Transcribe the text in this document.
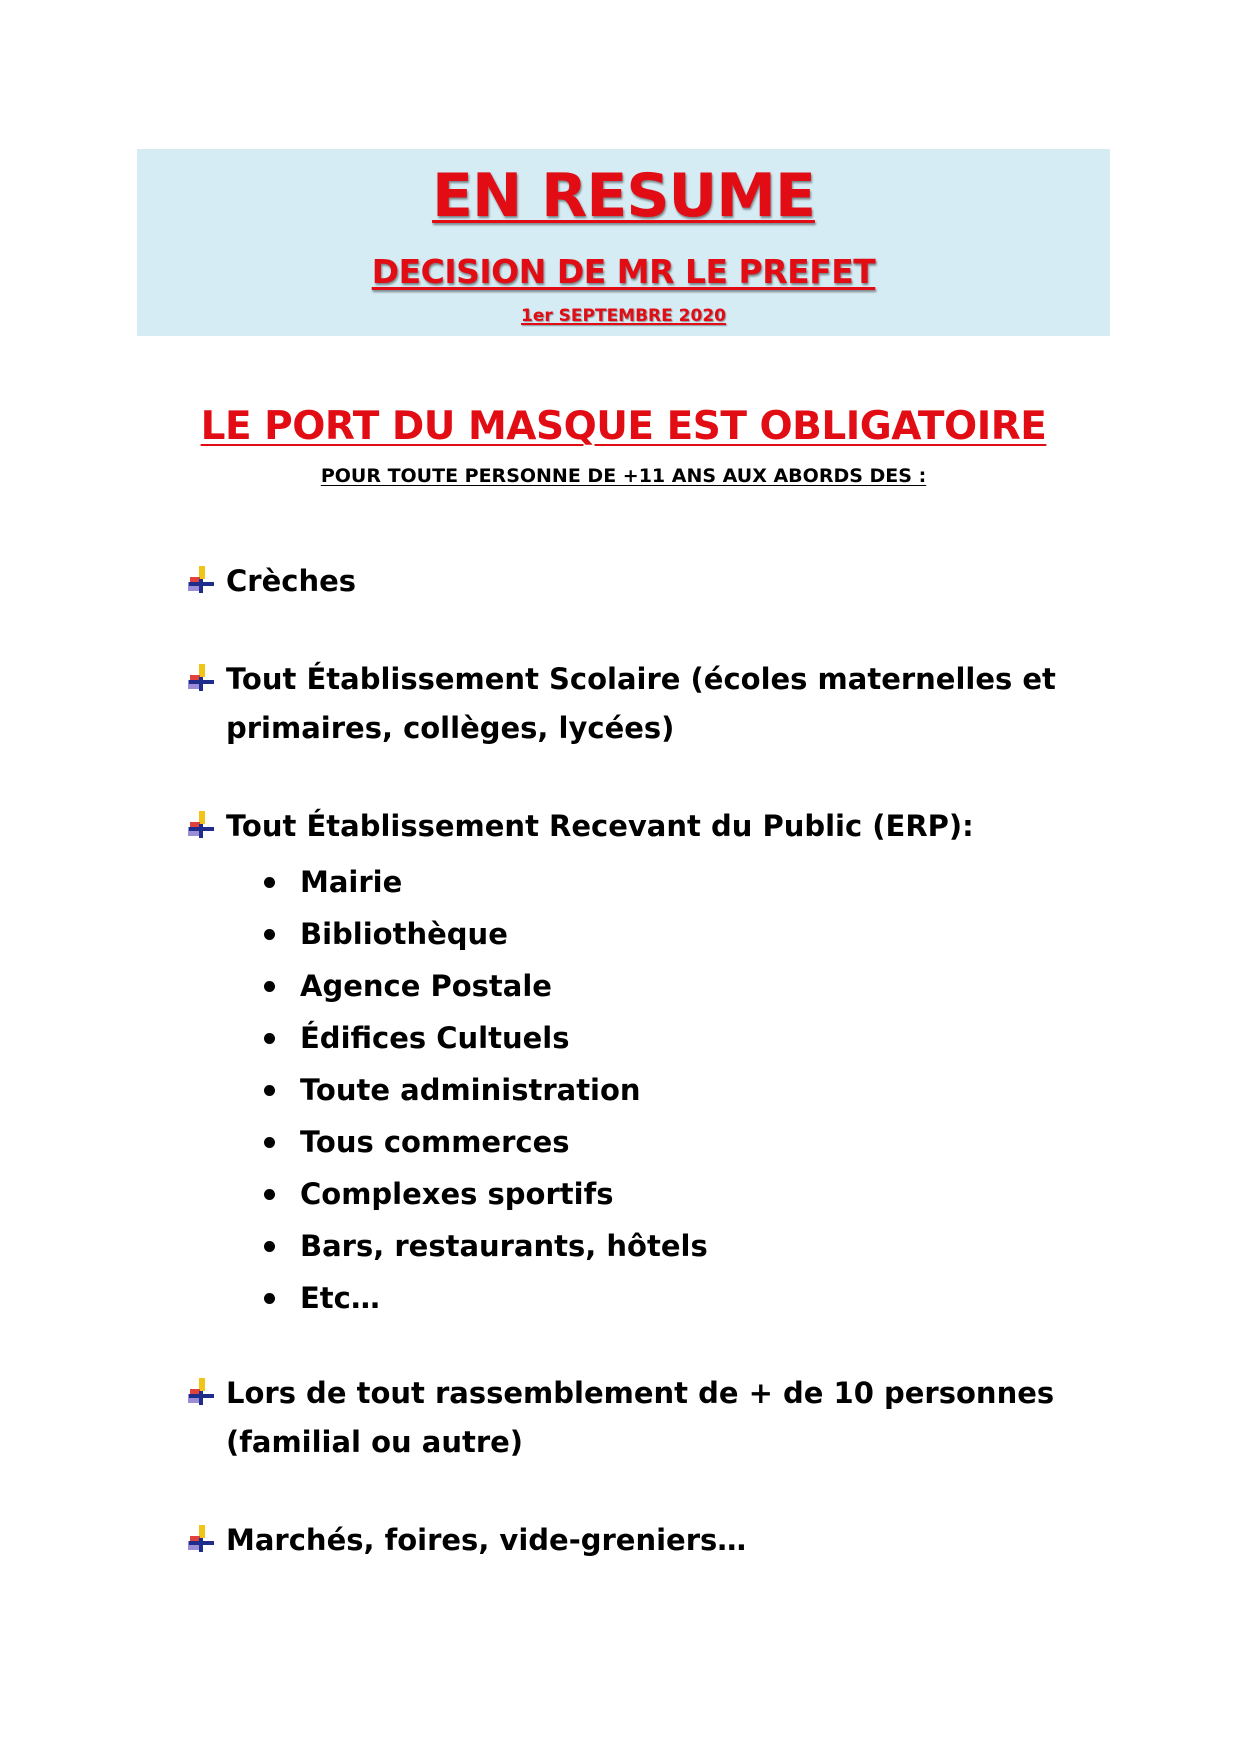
EN RESUME
DECISION DE MR LE PREFET
1er SEPTEMBRE 2020
LE PORT DU MASQUE EST OBLIGATOIRE
POUR TOUTE PERSONNE DE +11 ANS AUX ABORDS DES :
Crèches
Tout Établissement Scolaire (écoles maternelles et primaires, collèges, lycées)
Tout Établissement Recevant du Public (ERP):
Mairie
Bibliothèque
Agence Postale
Édifices Cultuels
Toute administration
Tous commerces
Complexes sportifs
Bars, restaurants, hôtels
Etc…
Lors de tout rassemblement de + de 10 personnes (familial ou autre)
Marchés, foires, vide-greniers…
